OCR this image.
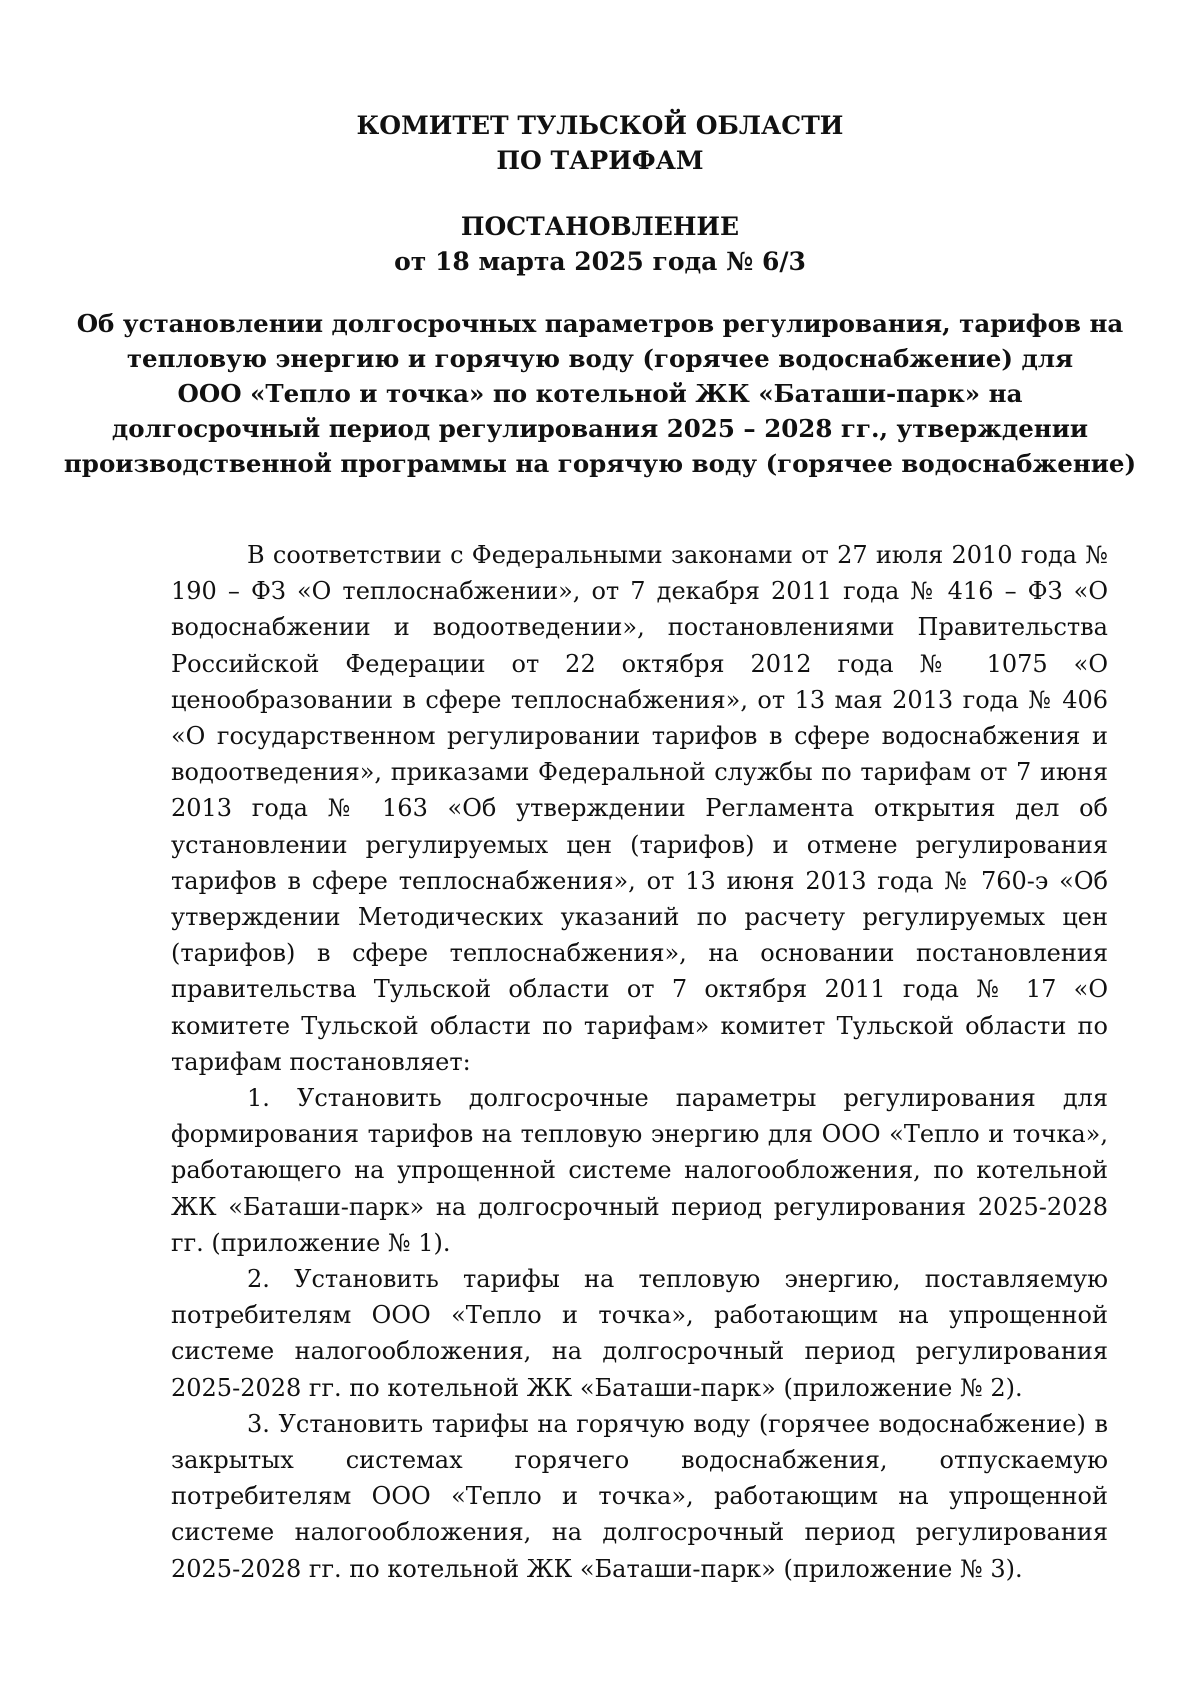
КОМИТЕТ ТУЛЬСКОЙ ОБЛАСТИ
ПО ТАРИФАМ
ПОСТАНОВЛЕНИЕ
от 18 марта 2025 года № 6/3
Об установлении долгосрочных параметров регулирования, тарифов на
тепловую энергию и горячую воду (горячее водоснабжение) для
ООО «Тепло и точка» по котельной ЖК «Баташи-парк» на
долгосрочный период регулирования 2025 – 2028 гг., утверждении
производственной программы на горячую воду (горячее водоснабжение)

В соответствии с Федеральными законами от 27 июля 2010 года № 190 – ФЗ «О теплоснабжении», от 7 декабря 2011 года № 416 – ФЗ «О водоснабжении и водоотведении», постановлениями Правительства Российской Федерации от 22 октября 2012 года № 1075 «О ценообразовании в сфере теплоснабжения», от 13 мая 2013 года № 406 «О государственном регулировании тарифов в сфере водоснабжения и водоотведения», приказами Федеральной службы по тарифам от 7 июня 2013 года № 163 «Об утверждении Регламента открытия дел об установлении регулируемых цен (тарифов) и отмене регулирования тарифов в сфере теплоснабжения», от 13 июня 2013 года № 760-э «Об утверждении Методических указаний по расчету регулируемых цен (тарифов) в сфере теплоснабжения», на основании постановления правительства Тульской области от 7 октября 2011 года № 17 «О комитете Тульской области по тарифам» комитет Тульской области по тарифам постановляет:

1. Установить долгосрочные параметры регулирования для формирования тарифов на тепловую энергию для ООО «Тепло и точка», работающего на упрощенной системе налогообложения, по котельной ЖК «Баташи-парк» на долгосрочный период регулирования 2025-2028 гг. (приложение № 1).

2. Установить тарифы на тепловую энергию, поставляемую потребителям ООО «Тепло и точка», работающим на упрощенной системе налогообложения, на долгосрочный период регулирования 2025-2028 гг. по котельной ЖК «Баташи-парк» (приложение № 2).

3. Установить тарифы на горячую воду (горячее водоснабжение) в закрытых системах горячего водоснабжения, отпускаемую потребителям ООО «Тепло и точка», работающим на упрощенной системе налогообложения, на долгосрочный период регулирования 2025-2028 гг. по котельной ЖК «Баташи-парк» (приложение № 3).
